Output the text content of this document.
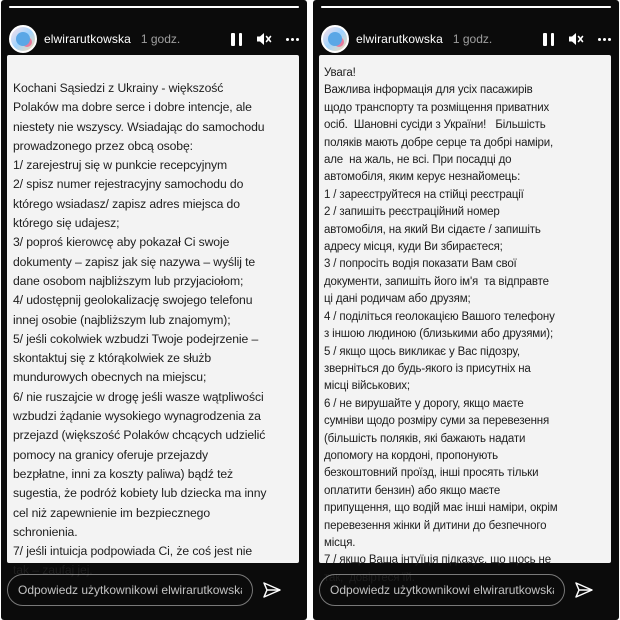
elwirarutkowska 1 godz.
Kochani Sąsiedzi z Ukrainy - większość
Polaków ma dobre serce i dobre intencje, ale
niestety nie wszyscy. Wsiadając do samochodu
prowadzonego przez obcą osobę:
1/ zarejestruj się w punkcie recepcyjnym
2/ spisz numer rejestracyjny samochodu do
którego wsiadasz/ zapisz adres miejsca do
którego się udajesz;
3/ poproś kierowcę aby pokazał Ci swoje
dokumenty – zapisz jak się nazywa – wyślij te
dane osobom najbliższym lub przyjaciołom;
4/ udostępnij geolokalizację swojego telefonu
innej osobie (najbliższym lub znajomym);
5/ jeśli cokolwiek wzbudzi Twoje podejrzenie –
skontaktuj się z którąkolwiek ze służb
mundurowych obecnych na miejscu;
6/ nie ruszajcie w drogę jeśli wasze wątpliwości
wzbudzi żądanie wysokiego wynagrodzenia za
przejazd (większość Polaków chcących udzielić
pomocy na granicy oferuje przejazdy
bezpłatne, inni za koszty paliwa) bądź też
sugestia, że podróż kobiety lub dziecka ma inny
cel niż zapewnienie im bezpiecznego
schronienia.
7/ jeśli intuicja podpowiada Ci, że coś jest nie
tak – zaufaj jej.
Odpowiedz użytkownikowi elwirarutkowska...
elwirarutkowska 1 godz.
Увага!
Важлива інформація для усіх пасажирів
щодо транспорту та розміщення приватних
осіб.  Шановні сусіди з України!   Більшість
поляків мають добре серце та добрі наміри,
але  на жаль, не всі. При посадці до
автомобіля, яким керує незнайомець:
1 / зареєструйтеся на стійці реєстрації
2 / запишіть реєстраційний номер
автомобіля, на який Ви сідаєте / запишіть
адресу місця, куди Ви збираєтеся;
3 / попросіть водія показати Вам свої
документи, запишіть його ім'я  та відправте
ці дані родичам або друзям;
4 / поділіться геолокацією Вашого телефону
з іншою людиною (близькими або друзями);
5 / якщо щось викликає у Вас підозру,
зверніться до будь-якого із присутніх на
місці військових;
6 / не вирушайте у дорогу, якщо маєте
сумніви щодо розміру суми за перевезення
(більшість поляків, які бажають надати
допомогу на кордоні, пропонують
безкоштовний проїзд, інші просять тільки
оплатити бензин) або якщо маєте
припущення, що водій має інші наміри, окрім
перевезення жінки й дитини до безпечного
місця.
7 / якщо Ваша інтуїція підказує, що щось не
так,  довіртеся їй.
Odpowiedz użytkownikowi elwirarutkowska...
